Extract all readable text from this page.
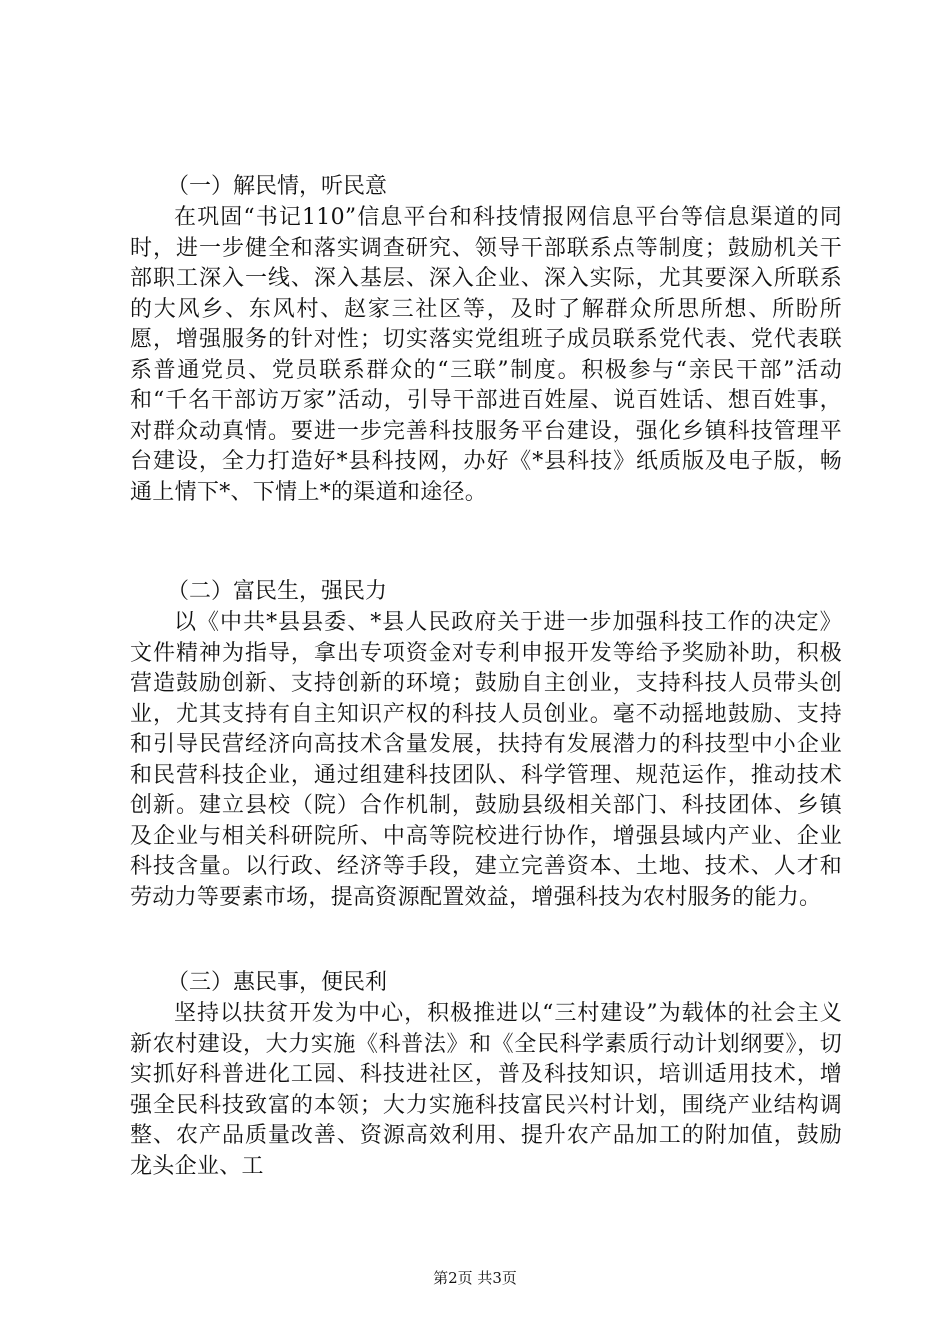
（一）解民情，听民意
在巩固“书记110”信息平台和科技情报网信息平台等信息渠道的同时，进一步健全和落实调查研究、领导干部联系点等制度；鼓励机关干部职工深入一线、深入基层、深入企业、深入实际，尤其要深入所联系的大风乡、东风村、赵家三社区等，及时了解群众所思所想、所盼所愿，增强服务的针对性；切实落实党组班子成员联系党代表、党代表联系普通党员、党员联系群众的“三联”制度。积极参与“亲民干部”活动和“千名干部访万家”活动，引导干部进百姓屋、说百姓话、想百姓事，对群众动真情。要进一步完善科技服务平台建设，强化乡镇科技管理平台建设，全力打造好*县科技网，办好《*县科技》纸质版及电子版，畅通上情下*、下情上*的渠道和途径。
（二）富民生，强民力
以《中共*县县委、*县人民政府关于进一步加强科技工作的决定》文件精神为指导，拿出专项资金对专利申报开发等给予奖励补助，积极营造鼓励创新、支持创新的环境；鼓励自主创业，支持科技人员带头创业，尤其支持有自主知识产权的科技人员创业。毫不动摇地鼓励、支持和引导民营经济向高技术含量发展，扶持有发展潜力的科技型中小企业和民营科技企业，通过组建科技团队、科学管理、规范运作，推动技术创新。建立县校（院）合作机制，鼓励县级相关部门、科技团体、乡镇及企业与相关科研院所、中高等院校进行协作，增强县域内产业、企业科技含量。以行政、经济等手段，建立完善资本、土地、技术、人才和劳动力等要素市场，提高资源配置效益，增强科技为农村服务的能力。
（三）惠民事，便民利
坚持以扶贫开发为中心，积极推进以“三村建设”为载体的社会主义新农村建设，大力实施《科普法》和《全民科学素质行动计划纲要》，切实抓好科普进化工园、科技进社区，普及科技知识，培训适用技术，增强全民科技致富的本领；大力实施科技富民兴村计划，围绕产业结构调整、农产品质量改善、资源高效利用、提升农产品加工的附加值，鼓励龙头企业、工
第2页 共3页
